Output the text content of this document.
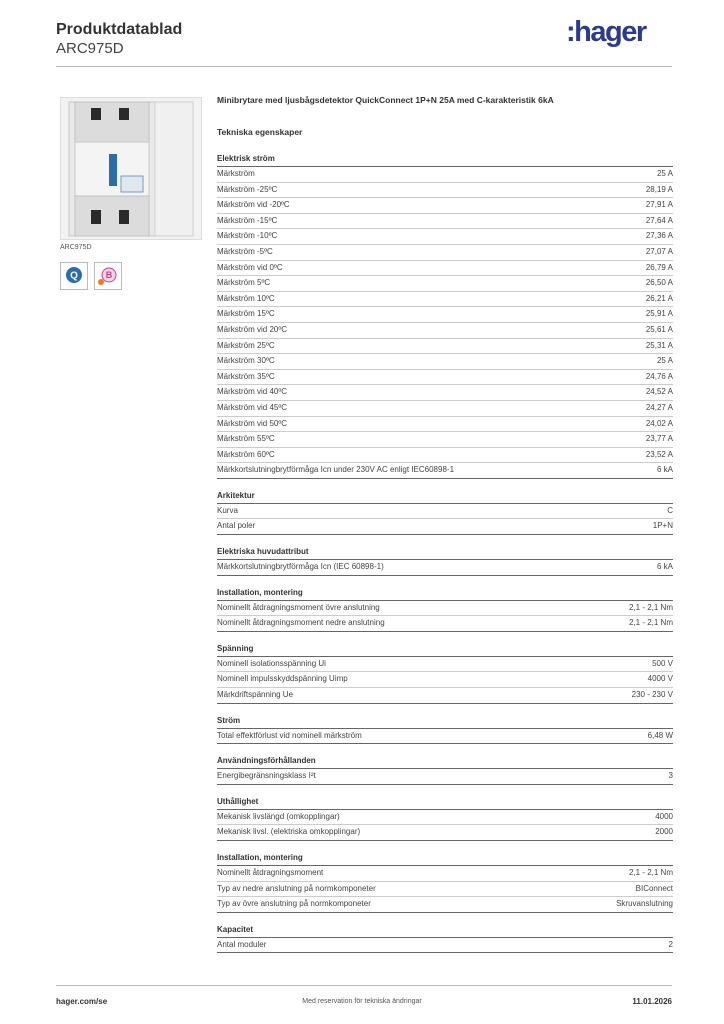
Produktdatablad
ARC975D
:hager
ARC975D
Q	B
Minibrytare med ljusbågsdetektor QuickConnect 1P+N 25A med C-karakteristik 6kA
Tekniska egenskaper
Elektrisk ström
Märkström	25 A
Märkström -25ºC	28,19 A
Märkström vid -20ºC	27,91 A
Märkström -15ºC	27,64 A
Märkström -10ºC	27,36 A
Märkström -5ºC	27,07 A
Märkström vid 0ºC	26,79 A
Märkström 5ºC	26,50 A
Märkström 10ºC	26,21 A
Märkström 15ºC	25,91 A
Märkström vid 20ºC	25,61 A
Märkström 25ºC	25,31 A
Märkström 30ºC	25 A
Märkström 35ºC	24,76 A
Märkström vid 40ºC	24,52 A
Märkström vid 45ºC	24,27 A
Märkström vid 50ºC	24,02 A
Märkström 55ºC	23,77 A
Märkström 60ºC	23,52 A
Märkkortslutningbrytförmåga Icn under 230V AC enligt IEC60898-1	6 kA
Arkitektur
Kurva	C
Antal poler	1P+N
Elektriska huvudattribut
Märkkortslutningbrytförmåga Icn (IEC 60898-1)	6 kA
Installation, montering
Nominellt åtdragningsmoment övre anslutning	2,1 - 2,1 Nm
Nominellt åtdragningsmoment nedre anslutning	2,1 - 2,1 Nm
Spänning
Nominell isolationsspänning Ui	500 V
Nominell impulsskyddspänning Uimp	4000 V
Märkdriftspänning Ue	230 - 230 V
Ström
Total effektförlust vid nominell märkström	6,48 W
Användningsförhållanden
Energibegränsningsklass I²t	3
Uthållighet
Mekanisk livslängd (omkopplingar)	4000
Mekanisk livsl. (elektriska omkopplingar)	2000
Installation, montering
Nominellt åtdragningsmoment	2,1 - 2,1 Nm
Typ av nedre anslutning på normkomponeter	BIConnect
Typ av övre anslutning på normkomponeter	Skruvanslutning
Kapacitet
Antal moduler	2
hager.com/se	Med reservation för tekniska ändringar	11.01.2026
